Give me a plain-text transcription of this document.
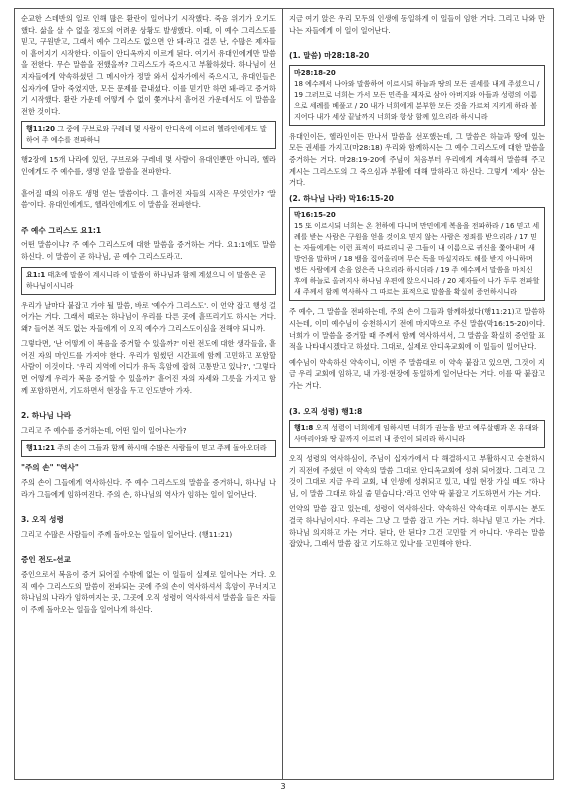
순교한 스데반의 일로 인해 많은 환란이 일어나기 시작했다. 죽음 위기가 오기도 했다. 삶을 살 수 없을 정도의 어려운 상황도 발생했다. 이때, 이 예수 그리스도를 믿고, 구원받고, 그래서 예수 그리스도 없으면 안 돼-라고 결론 난, 수많은 제자들이 흩어지기 시작한다. 이들이 안디옥까지 이르게 된다. 여기서 유대인에게만 말씀을 전한다. 무슨 말씀을 전했을까? 그리스도가 죽으시고 부활하셨다. 하나님이 선지자들에게 약속하셨던 그 메시아가 정말 와서 십자가에서 죽으시고, 유대인들은 십자가에 달아 죽였지만, 모든 문제를 끝내셨다. 이를 믿기만 하면 돼-라고 증거하기 시작했다. 환란 가운데 어떻게 수 없이 쫓겨나서 흩어진 가운데서도 이 말씀을 전한 것이다.

행11:20 그 중에 구브로와 구레네 몇 사람이 안디옥에 이르러 헬라인에게도 말하여 주 예수를 전파하니

행2장에 15개 나라에 있던, 구브로와 구레네 몇 사람이 유대인뿐만 아니라, 헬라인에게도 주 예수를, 생명 얻을 말씀을 전파한다.

흩어질 때의 이유도 생명 얻는 말씀이다. 그 흩어진 자들의 시작은 무엇인가? '말씀'이다. 유대인에게도, 헬라인에게도 이 말씀을 전파한다.

주 예수 그리스도 요1:1

어떤 말씀이냐? 주 예수 그리스도에 대한 말씀을 증거하는 거다. 요1:1에도 말씀하신다. 이 말씀이 곧 하나님, 곧 예수 그리스도라고.

요1:1 태초에 말씀이 계시니라 이 말씀이 하나님과 함께 계셨으니 이 말씀은 곧 하나님이시니라

우리가 날마다 붙잡고 가야 될 말씀, 바로 '예수가 그리스도'. 이 언약 잡고 행성 걸어가는 거다. 그래서 때로는 하나님이 우리를 다른 곳에 흩뜨리기도 하시는 거다. 왜? 들어본 적도 없는 자들에게 이 오직 예수가 그리스도이심을 전해야 되니까.

그렇다면, '난 어떻게 이 복음을 증거할 수 있을까?' 이런 전도에 대한 생각들을, 흩어진 자의 마인드를 가져야 한다. 우리가 힘썼던 시간표에 함께 고민하고 포함할 사람이 이것이다. '우리 지역에 어디가 유독 흑암에 잡혀 고통받고 있나?', '그렇다면 어떻게 우리가 복음 증거할 수 있을까?' 흩어진 자의 자세와 그릇을 가지고 함께 포함하면서, 기도하면서 현장을 두고 인도받아 가자.

2. 하나님 나라

그리고 주 예수를 증거하는데, 어떤 일이 일어나는가?

행11:21 주의 손이 그들과 함께 하시매 수많은 사람들이 믿고 주께 돌아오더라
"주의 손" "역사"

주의 손이 그들에게 역사하신다. 주 예수 그리스도의 말씀을 증거하니, 하나님 나라가 그들에게 임하여진다. 주의 손, 하나님의 역사가 임하는 일이 일어난다.

3. 오직 성령

그리고 수많은 사람들이 주께 돌아오는 일들이 일어난다. (행11:21)

증인 전도-선교

증인으로서 복음이 증거 되어질 수밖에 없는 이 일들이 실제로 일어나는 거다. 오직 예수 그리스도의 말씀이 전파되는 곳에 주의 손이 역사하셔서 흑암이 무너지고 하나님의 나라가 임하여지는 곳, 그곳에 오직 성령이 역사하셔서 말씀을 들은 자들이 주께 돌아오는 일들을 일어나게 하신다.

지금 여기 앉은 우리 모두의 인생에 동일하게 이 일들이 임한 거다. 그리고 나와 만나는 자들에게 이 일이 일어난다.

(1. 말씀) 마28:18-20
마28:18-20
18 예수께서 나아와 말씀하여 이르시되 하늘과 땅의 모든 권세를 내게 주셨으니 / 19 그러므로 너희는 가서 모든 민족을 제자로 삼아 아버지와 아들과 성령의 이름으로 세례를 베풀고 / 20 내가 너희에게 분부한 모든 것을 가르쳐 지키게 하라 볼지어다 내가 세상 끝날까지 너희와 항상 함께 있으리라 하시니라

유대인이든, 헬라인이든 만나서 말씀을 선포했는데, 그 말씀은 하늘과 땅에 있는 모든 권세를 가지고(마28:18) 우리와 함께하시는 그 예수 그리스도에 대한 말씀을 증거하는 거다. 마28:19-20에 주님이 처음부터 우리에게 계속해서 말씀해 주고 계시는 그리스도의 그 죽으심과 부활에 대해 말하라고 하신다. 그렇게 '제자' 삼는 거다.

(2. 하나님 나라) 막16:15-20
막16:15-20
15 또 이르시되 너희는 온 천하에 다니며 만민에게 복음을 전파하라 / 16 믿고 세례를 받는 사람은 구원을 얻을 것이요 믿지 않는 사람은 정죄를 받으리라 / 17 믿는 자들에게는 이런 표적이 따르리니 곧 그들이 내 이름으로 귀신을 쫓아내며 새 방언을 말하며 / 18 뱀을 집어올리며 무슨 독을 마실지라도 해를 받지 아니하며 병든 사람에게 손을 얹은즉 나으리라 하시더라 / 19 주 예수께서 말씀을 마치신 후에 하늘로 올려지사 하나님 우편에 앉으시니라 / 20 제자들이 나가 두루 전파할새 주께서 함께 역사하사 그 따르는 표적으로 말씀을 확실히 증언하시니라

주 예수, 그 말씀을 전파하는데, 주의 손이 그들과 함께하셨다(행11:21)고 말씀하시는데, 이미 예수님이 승천하시기 전에 마지막으로 주신 말씀(막16:15-20)이다. 너희가 이 말씀을 증거할 때 주께서 함께 역사하셔서, 그 말씀을 확실히 증언할 표적을 나타내시겠다고 하셨다. 그대로, 실제로 안디옥교회에 이 일들이 일어난다.

예수님이 약속하신 약속이니, 이번 주 말씀대로 이 약속 붙잡고 있으면, 그것이 지금 우리 교회에 임하고, 내 가정·현장에 동일하게 일어난다는 거다. 이를 딱 붙잡고 가는 거다.

(3. 오직 성령) 행1:8
행1:8 오직 성령이 너희에게 임하시면 너희가 권능을 받고 예루살렘과 온 유대와 사마리아와 땅 끝까지 이르러 내 증인이 되리라 하시니라

오직 성령의 역사하심이, 주님이 십자가에서 다 해결하시고 부활하시고 승천하시기 직전에 주셨던 이 약속의 말씀 그대로 안디옥교회에 성취 되어졌다. 그리고 그것이 그대로 지금 우리 교회, 내 인생에 성취되고 있고, 내일 현장 가실 때도 '하나님, 이 말씀 그대로 하실 줄 믿습니다.'라고 언약 딱 붙잡고 기도하면서 가는 거다.

언약의 말씀 잡고 있는데, 성령이 역사하신다. 약속하신 약속대로 이루시는 분도 결국 하나님이시다. 우리는 그냥 그 말씀 잡고 가는 거다. 하나님 믿고 가는 거다. 하나님 의지하고 가는 거다. 된다, 안 된다? 그건 고민할 거 아니다. '우리는 말씀 잡았나, 그래서 말씀 잡고 기도하고 있나'를 고민해야 한다.

3
